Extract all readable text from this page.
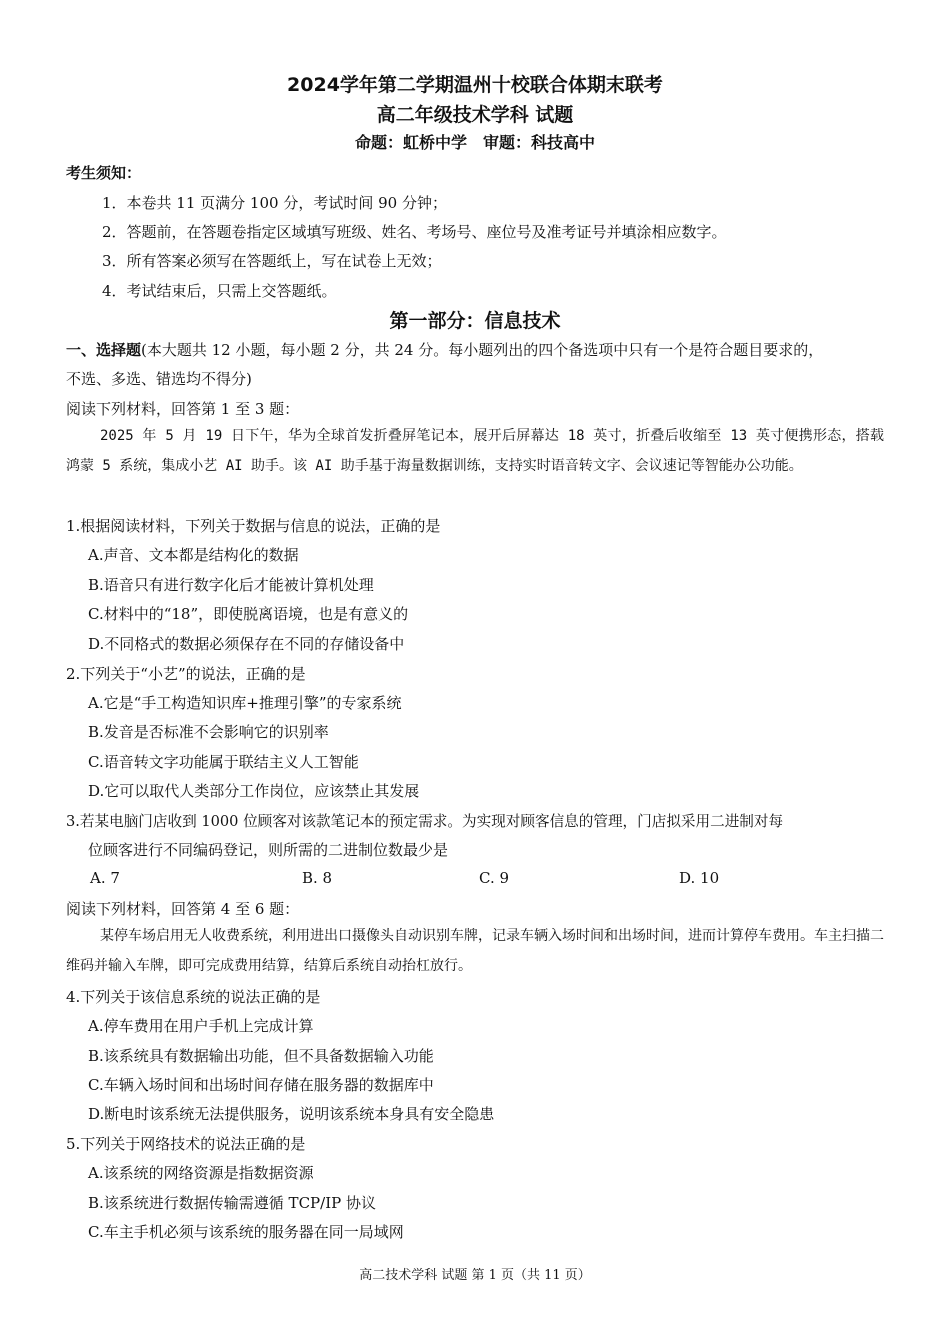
2024学年第二学期温州十校联合体期末联考
高二年级技术学科 试题
命题：虹桥中学　审题：科技高中
考生须知：
1．本卷共 11 页满分 100 分，考试时间 90 分钟；
2．答题前，在答题卷指定区域填写班级、姓名、考场号、座位号及准考证号并填涂相应数字。
3．所有答案必须写在答题纸上，写在试卷上无效；
4．考试结束后，只需上交答题纸。
第一部分：信息技术
一、选择题(本大题共 12 小题，每小题 2 分，共 24 分。每小题列出的四个备选项中只有一个是符合题目要求的，
不选、多选、错选均不得分)
阅读下列材料，回答第 1 至 3 题：
2025 年 5 月 19 日下午，华为全球首发折叠屏笔记本，展开后屏幕达 18 英寸，折叠后收缩至 13 英寸便携形态，搭载鸿蒙 5 系统，集成小艺 AI 助手。该 AI 助手基于海量数据训练，支持实时语音转文字、会议速记等智能办公功能。
1.根据阅读材料，下列关于数据与信息的说法，正确的是
A.声音、文本都是结构化的数据
B.语音只有进行数字化后才能被计算机处理
C.材料中的“18”，即使脱离语境，也是有意义的
D.不同格式的数据必须保存在不同的存储设备中
2.下列关于“小艺”的说法，正确的是
A.它是“手工构造知识库+推理引擎”的专家系统
B.发音是否标准不会影响它的识别率
C.语音转文字功能属于联结主义人工智能
D.它可以取代人类部分工作岗位，应该禁止其发展
3.若某电脑门店收到 1000 位顾客对该款笔记本的预定需求。为实现对顾客信息的管理，门店拟采用二进制对每
位顾客进行不同编码登记，则所需的二进制位数最少是
A. 7	B. 8	C. 9	D. 10
阅读下列材料，回答第 4 至 6 题：
某停车场启用无人收费系统，利用进出口摄像头自动识别车牌，记录车辆入场时间和出场时间，进而计算停车费用。车主扫描二维码并输入车牌，即可完成费用结算，结算后系统自动抬杠放行。
4.下列关于该信息系统的说法正确的是
A.停车费用在用户手机上完成计算
B.该系统具有数据输出功能，但不具备数据输入功能
C.车辆入场时间和出场时间存储在服务器的数据库中
D.断电时该系统无法提供服务，说明该系统本身具有安全隐患
5.下列关于网络技术的说法正确的是
A.该系统的网络资源是指数据资源
B.该系统进行数据传输需遵循 TCP/IP 协议
C.车主手机必须与该系统的服务器在同一局域网
高二技术学科 试题 第 1 页（共 11 页）
